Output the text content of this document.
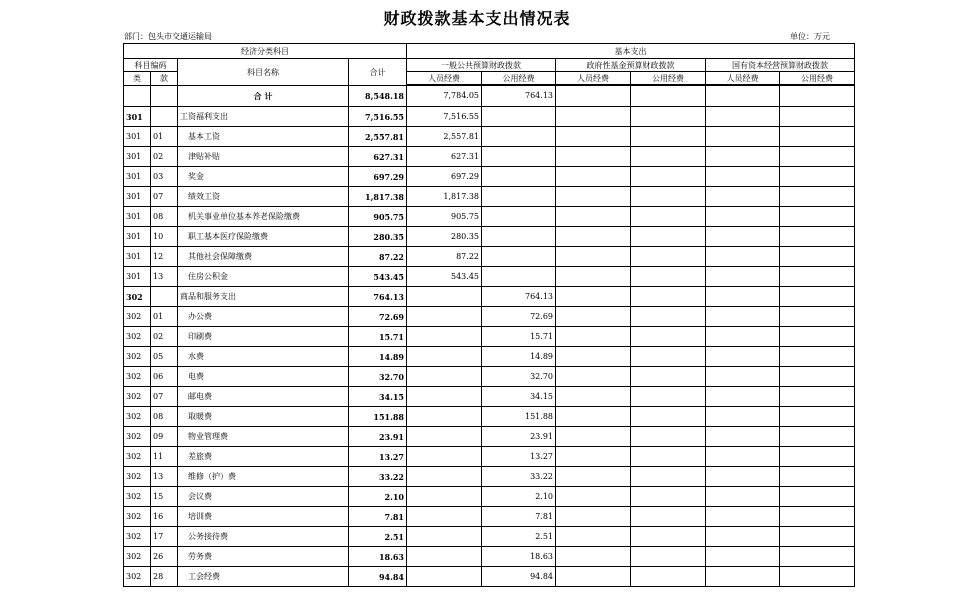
财政拨款基本支出情况表
部门：包头市交通运输局	单位：万元
经济分类科目				基本支出					
科目编码		科目名称	合计	一般公共预算财政拨款		政府性基金预算财政拨款		国有资本经营预算财政拨款	
类	款			人员经费	公用经费	人员经费	公用经费	人员经费	公用经费

		合 计	8,548.18	7,784.05	764.13				
301		工资福利支出	7,516.55	7,516.55					
301	01	基本工资	2,557.81	2,557.81					
301	02	津贴补贴	627.31	627.31					
301	03	奖金	697.29	697.29					
301	07	绩效工资	1,817.38	1,817.38					
301	08	机关事业单位基本养老保险缴费	905.75	905.75					
301	10	职工基本医疗保险缴费	280.35	280.35					
301	12	其他社会保障缴费	87.22	87.22					
301	13	住房公积金	543.45	543.45					
302		商品和服务支出	764.13		764.13				
302	01	办公费	72.69		72.69				
302	02	印刷费	15.71		15.71				
302	05	水费	14.89		14.89				
302	06	电费	32.70		32.70				
302	07	邮电费	34.15		34.15				
302	08	取暖费	151.88		151.88				
302	09	物业管理费	23.91		23.91				
302	11	差旅费	13.27		13.27				
302	13	维修（护）费	33.22		33.22				
302	15	会议费	2.10		2.10				
302	16	培训费	7.81		7.81				
302	17	公务接待费	2.51		2.51				
302	26	劳务费	18.63		18.63				
302	28	工会经费	94.84		94.84				
